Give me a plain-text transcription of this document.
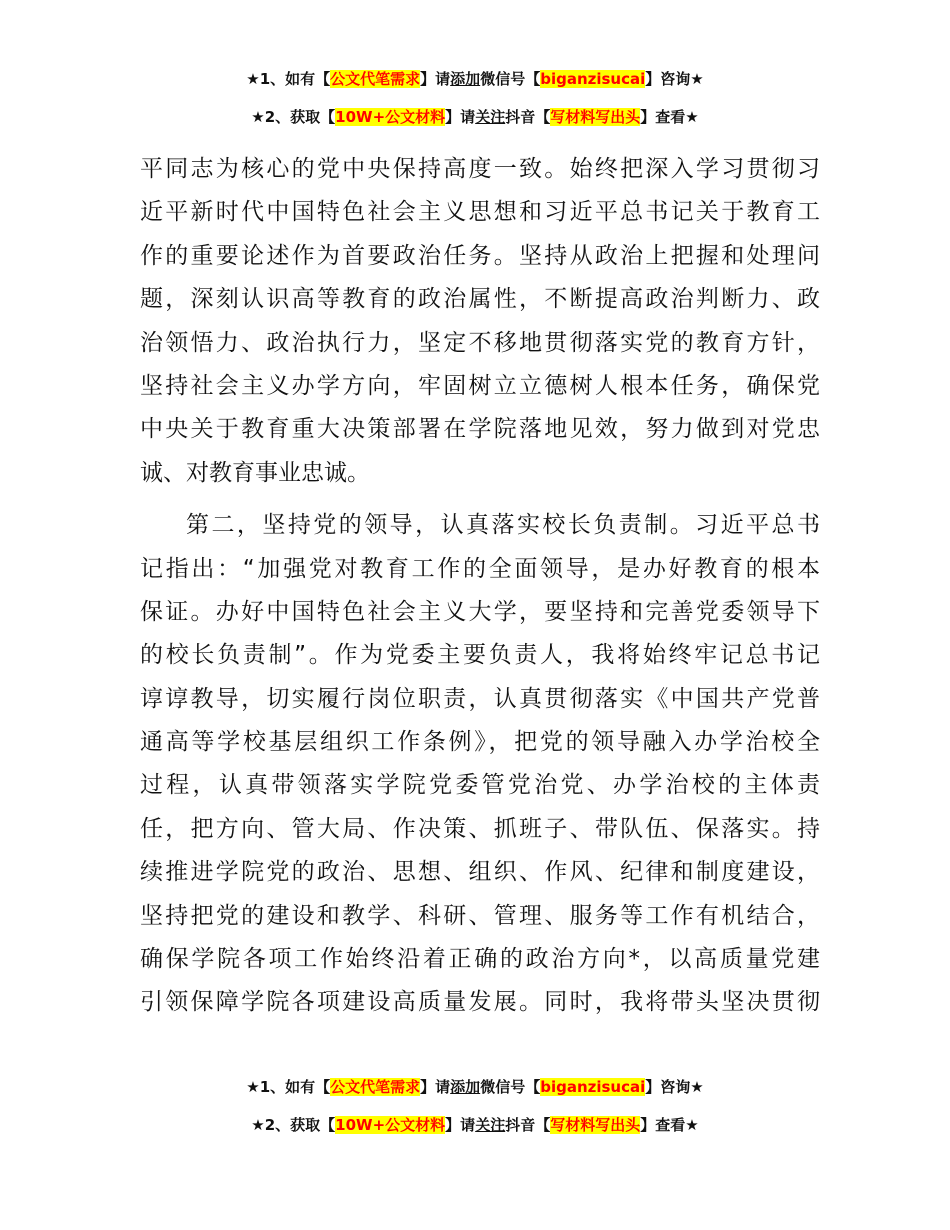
★1、如有【公文代笔需求】请添加微信号【biganzisucai】咨询★
★2、获取【10W+公文材料】请关注抖音【写材料写出头】查看★
平同志为核心的党中央保持高度一致。始终把深入学习贯彻习
近平新时代中国特色社会主义思想和习近平总书记关于教育工
作的重要论述作为首要政治任务。坚持从政治上把握和处理问
题，深刻认识高等教育的政治属性，不断提高政治判断力、政
治领悟力、政治执行力，坚定不移地贯彻落实党的教育方针，
坚持社会主义办学方向，牢固树立立德树人根本任务，确保党
中央关于教育重大决策部署在学院落地见效，努力做到对党忠
诚、对教育事业忠诚。
第二，坚持党的领导，认真落实校长负责制。习近平总书
记指出：“加强党对教育工作的全面领导，是办好教育的根本
保证。办好中国特色社会主义大学，要坚持和完善党委领导下
的校长负责制”。作为党委主要负责人，我将始终牢记总书记
谆谆教导，切实履行岗位职责，认真贯彻落实《中国共产党普
通高等学校基层组织工作条例》，把党的领导融入办学治校全
过程，认真带领落实学院党委管党治党、办学治校的主体责
任，把方向、管大局、作决策、抓班子、带队伍、保落实。持
续推进学院党的政治、思想、组织、作风、纪律和制度建设，
坚持把党的建设和教学、科研、管理、服务等工作有机结合，
确保学院各项工作始终沿着正确的政治方向*，以高质量党建
引领保障学院各项建设高质量发展。同时，我将带头坚决贯彻
★1、如有【公文代笔需求】请添加微信号【biganzisucai】咨询★
★2、获取【10W+公文材料】请关注抖音【写材料写出头】查看★
